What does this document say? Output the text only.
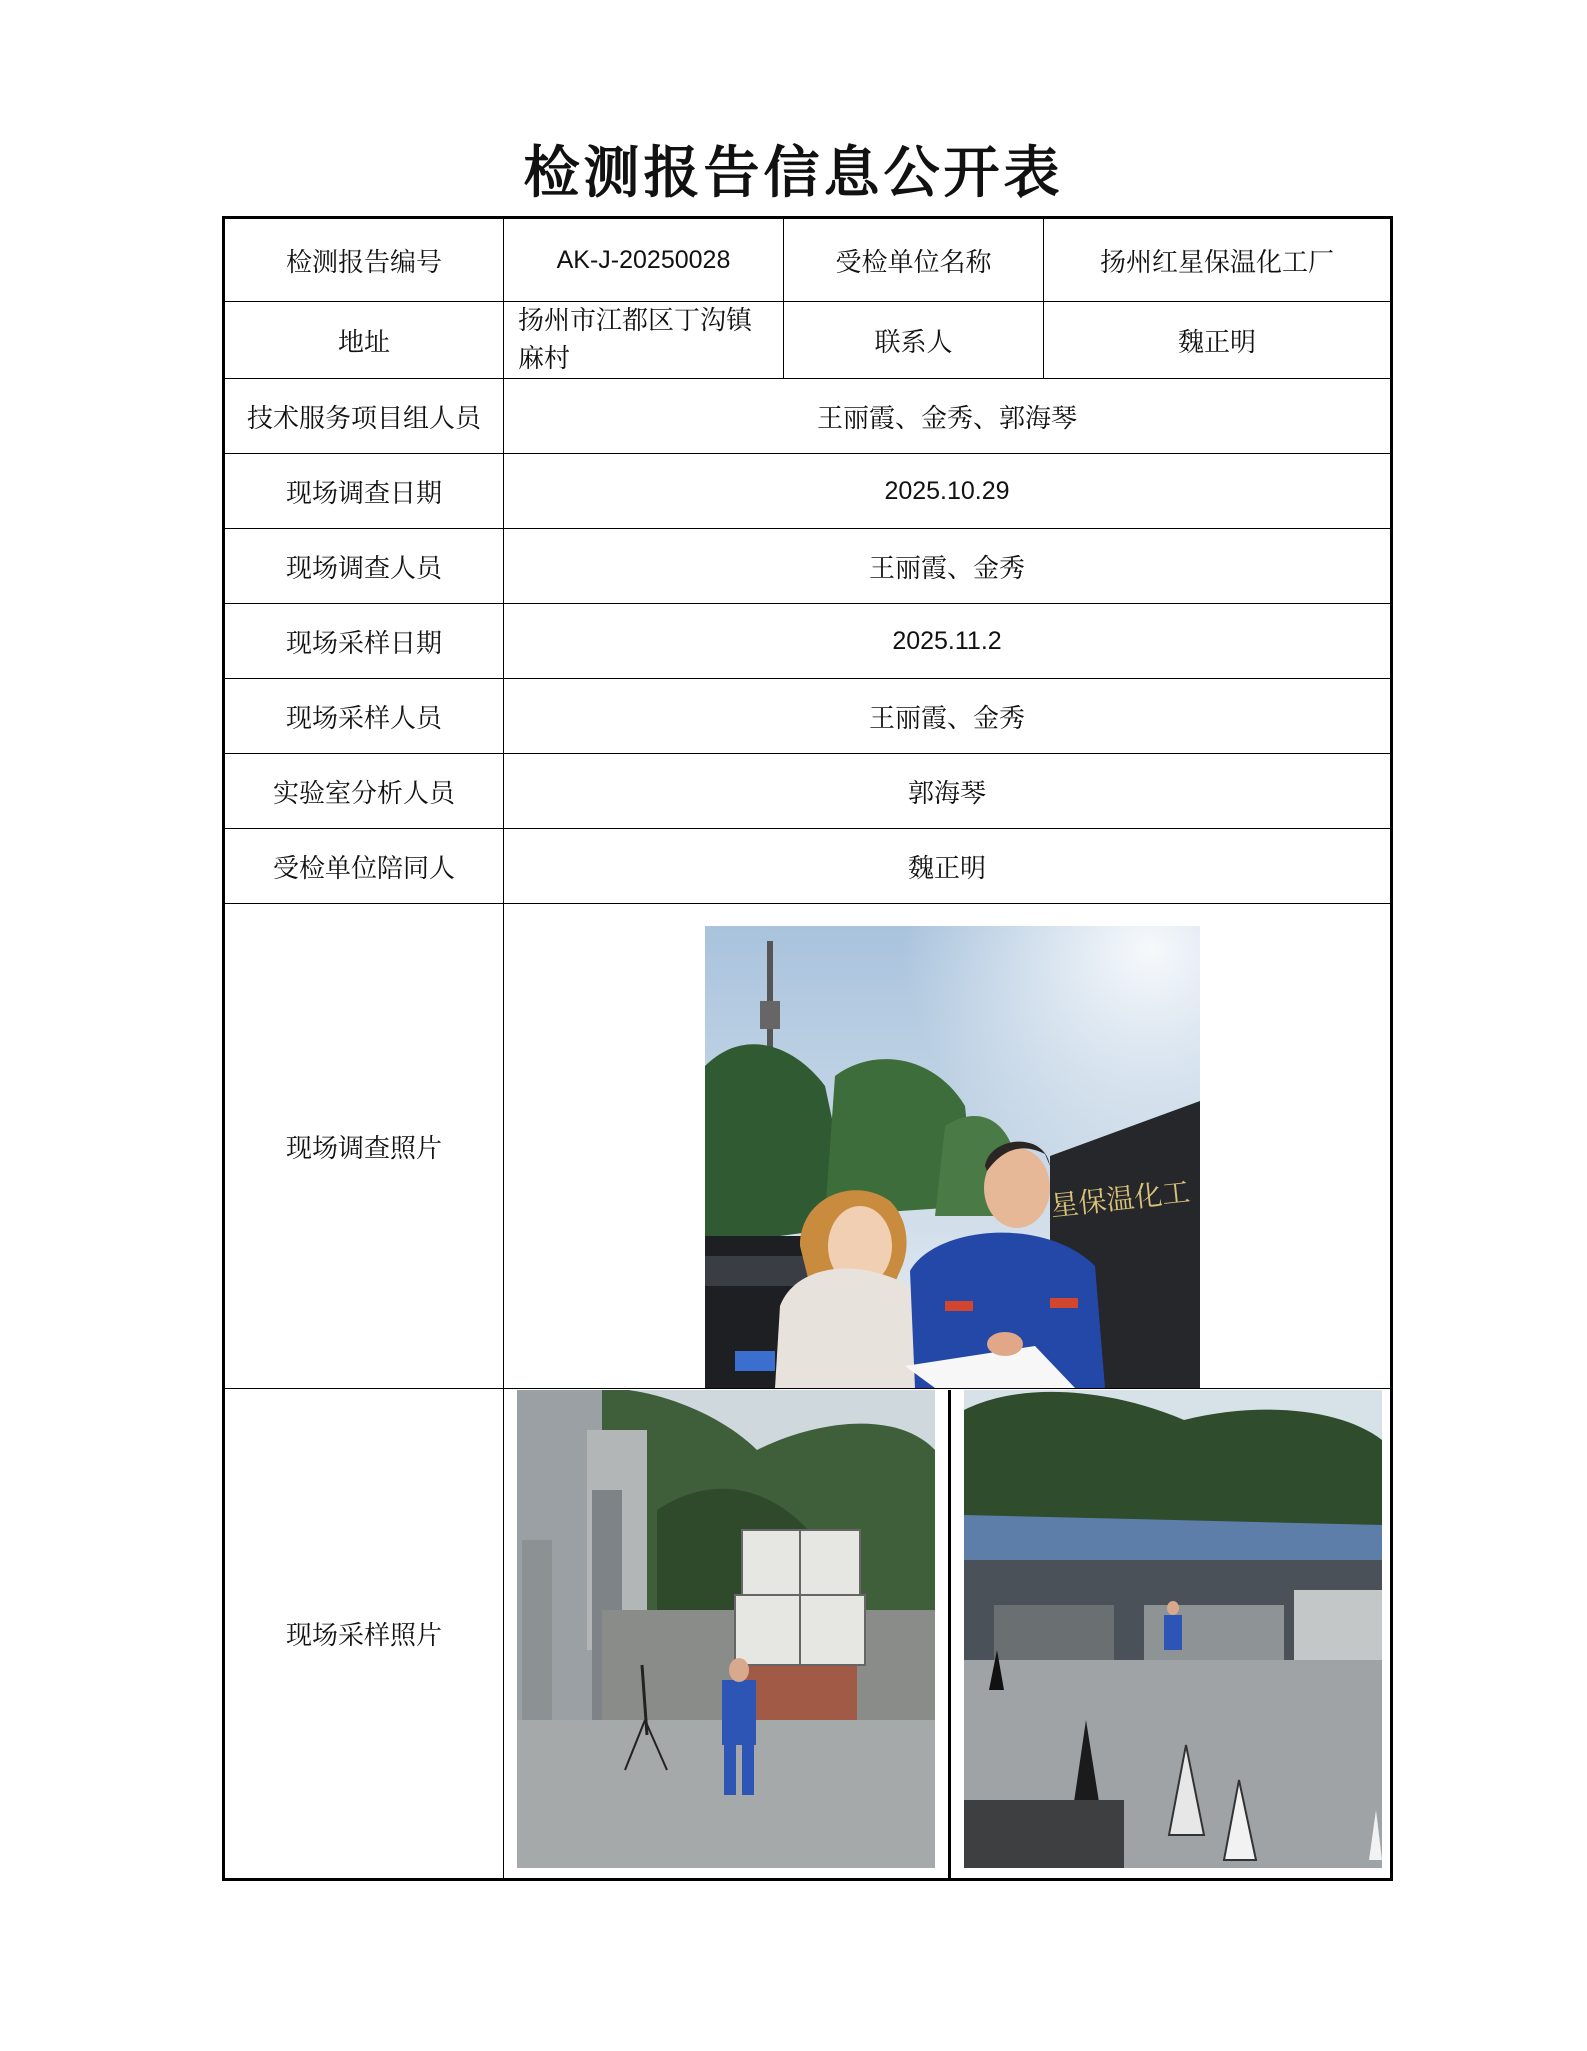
检测报告信息公开表
检测报告编号	AK-J-20250028	受检单位名称	扬州红星保温化工厂
地址	扬州市江都区丁沟镇麻村	联系人	魏正明
技术服务项目组人员	王丽霞、金秀、郭海琴		
现场调查日期	2025.10.29		
现场调查人员	王丽霞、金秀		
现场采样日期	2025.11.2		
现场采样人员	王丽霞、金秀		
实验室分析人员	郭海琴		
受检单位陪同人	魏正明		
现场调查照片			
现场采样照片			
星保温化工
